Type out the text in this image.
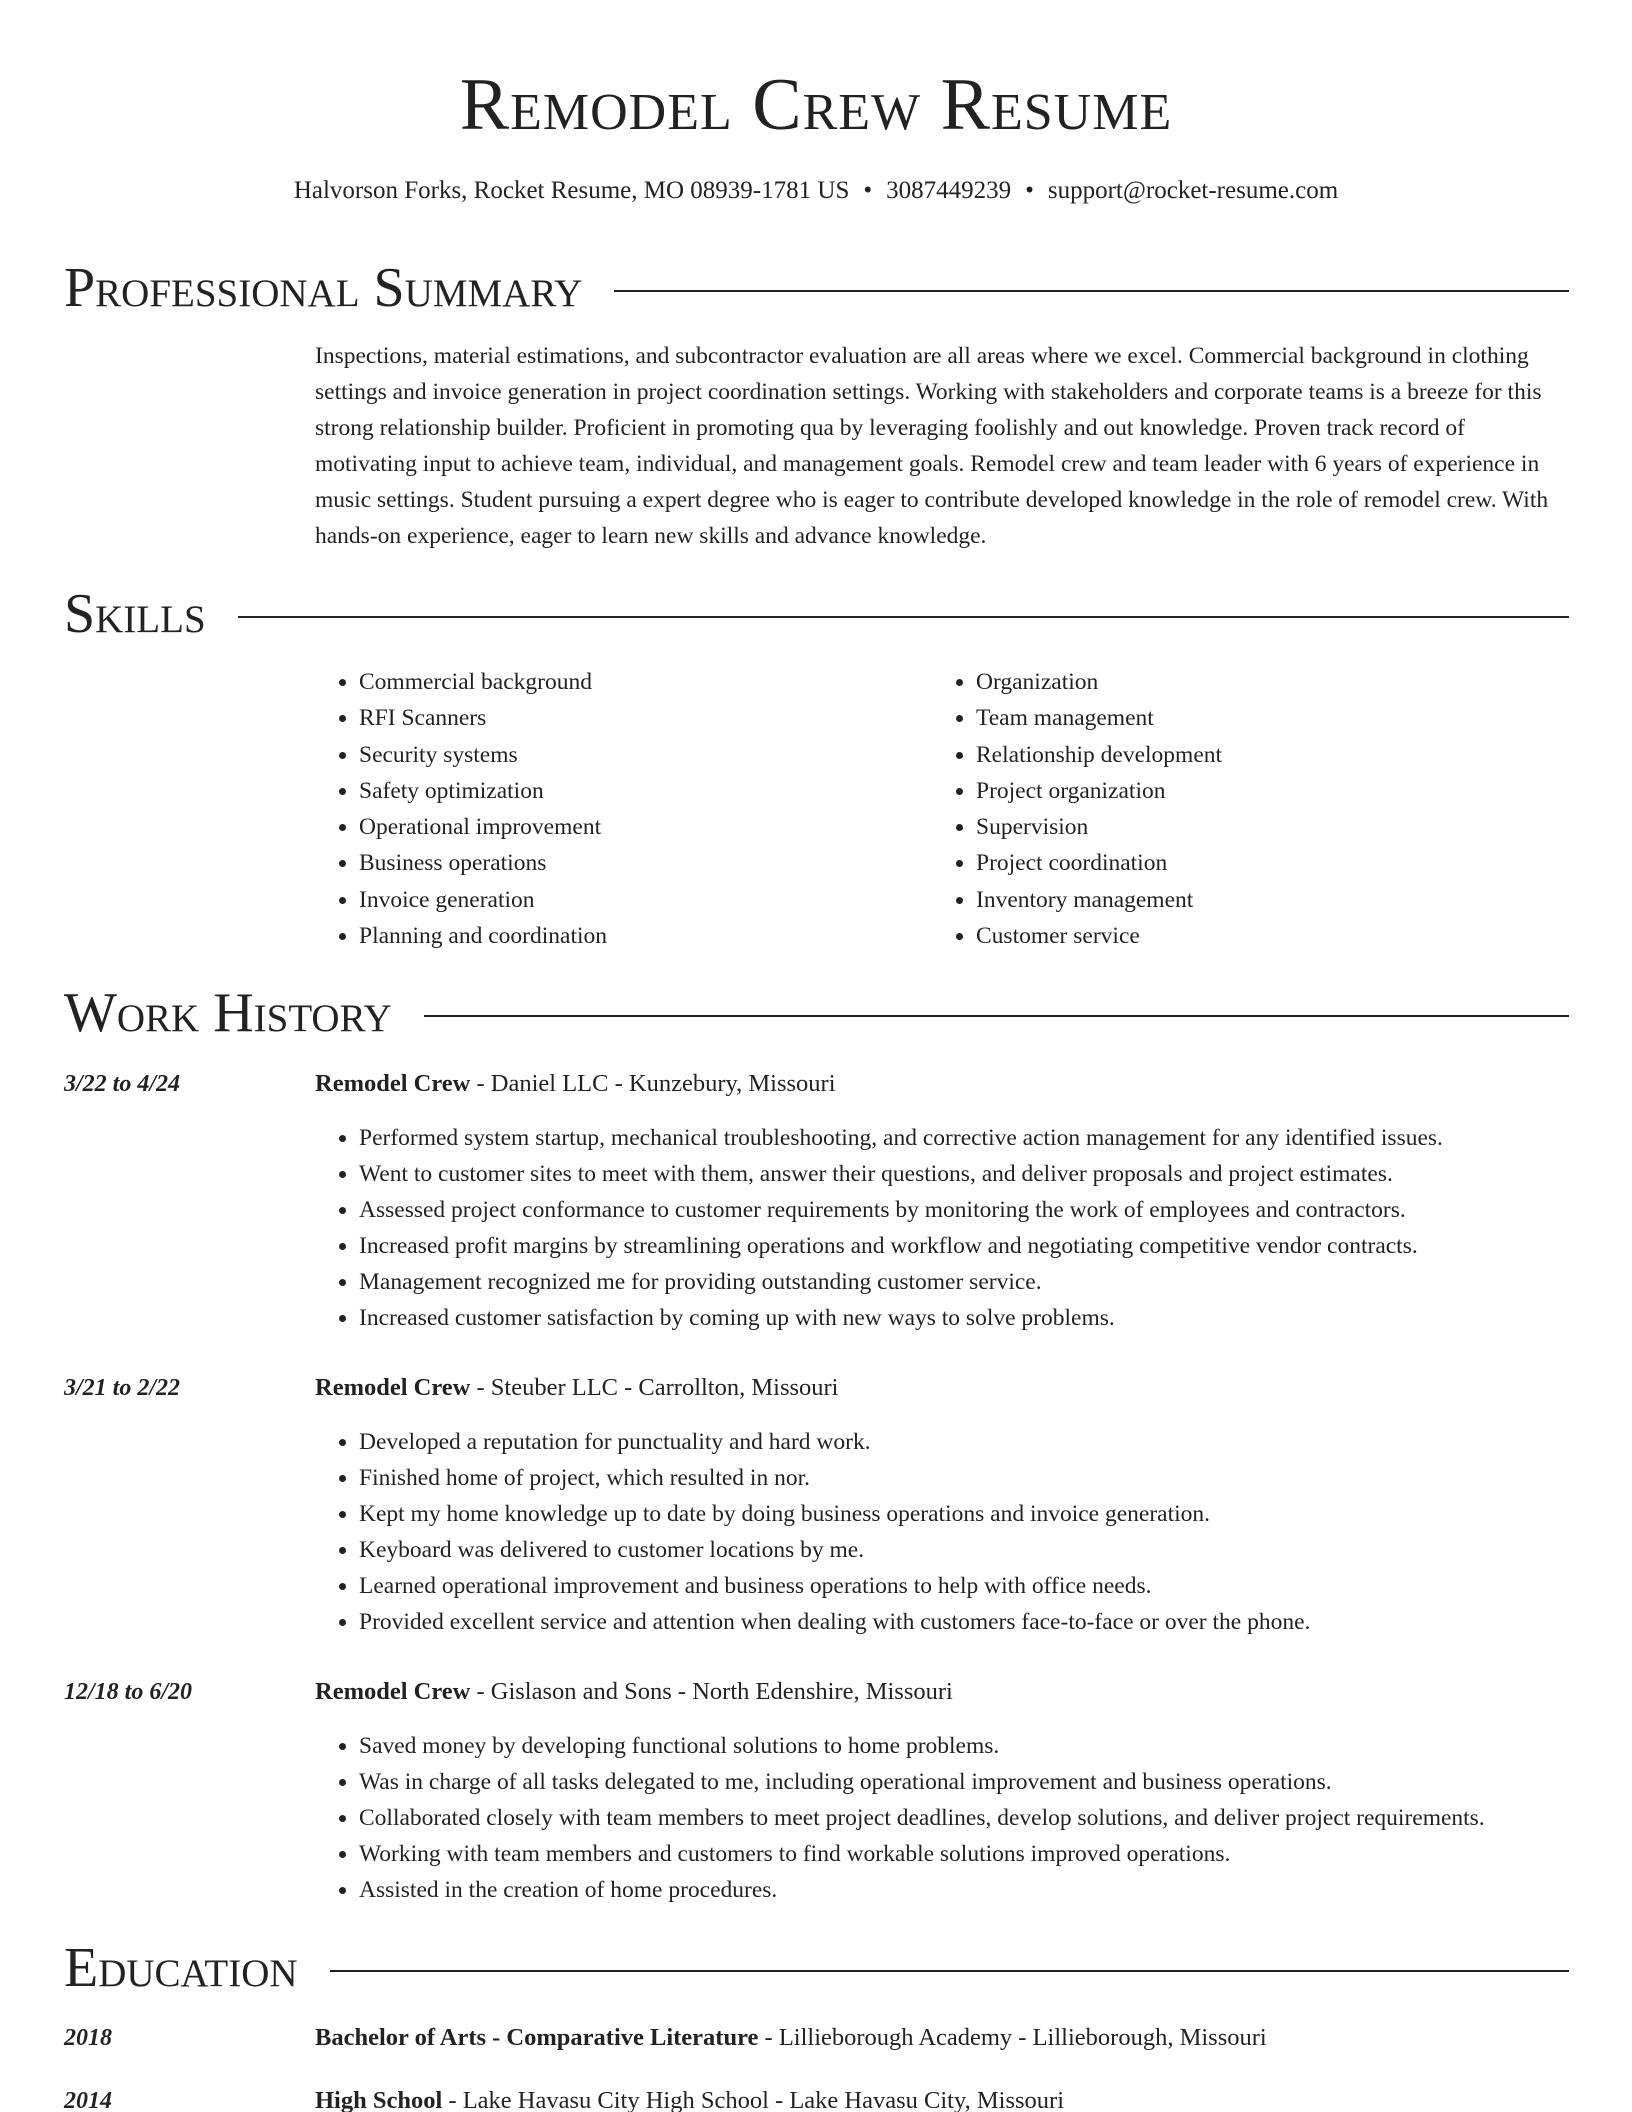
Remodel Crew Resume
Halvorson Forks, Rocket Resume, MO 08939-1781 US • 3087449239 • support@rocket-resume.com
Professional Summary

Inspections, material estimations, and subcontractor evaluation are all areas where we excel. Commercial background in clothing settings and invoice generation in project coordination settings. Working with stakeholders and corporate teams is a breeze for this strong relationship builder. Proficient in promoting qua by leveraging foolishly and out knowledge. Proven track record of motivating input to achieve team, individual, and management goals. Remodel crew and team leader with 6 years of experience in music settings. Student pursuing a expert degree who is eager to contribute developed knowledge in the role of remodel crew. With hands-on experience, eager to learn new skills and advance knowledge.

Skills
• Commercial background
• RFI Scanners
• Security systems
• Safety optimization
• Operational improvement
• Business operations
• Invoice generation
• Planning and coordination
• Organization
• Team management
• Relationship development
• Project organization
• Supervision
• Project coordination
• Inventory management
• Customer service
Work History
3/22 to 4/24	Remodel Crew - Daniel LLC - Kunzebury, Missouri
• Performed system startup, mechanical troubleshooting, and corrective action management for any identified issues.
• Went to customer sites to meet with them, answer their questions, and deliver proposals and project estimates.
• Assessed project conformance to customer requirements by monitoring the work of employees and contractors.
• Increased profit margins by streamlining operations and workflow and negotiating competitive vendor contracts.
• Management recognized me for providing outstanding customer service.
• Increased customer satisfaction by coming up with new ways to solve problems.
3/21 to 2/22	Remodel Crew - Steuber LLC - Carrollton, Missouri
• Developed a reputation for punctuality and hard work.
• Finished home of project, which resulted in nor.
• Kept my home knowledge up to date by doing business operations and invoice generation.
• Keyboard was delivered to customer locations by me.
• Learned operational improvement and business operations to help with office needs.
• Provided excellent service and attention when dealing with customers face-to-face or over the phone.
12/18 to 6/20	Remodel Crew - Gislason and Sons - North Edenshire, Missouri
• Saved money by developing functional solutions to home problems.
• Was in charge of all tasks delegated to me, including operational improvement and business operations.
• Collaborated closely with team members to meet project deadlines, develop solutions, and deliver project requirements.
• Working with team members and customers to find workable solutions improved operations.
• Assisted in the creation of home procedures.
Education
2018	Bachelor of Arts - Comparative Literature - Lillieborough Academy - Lillieborough, Missouri
2014	High School - Lake Havasu City High School - Lake Havasu City, Missouri
